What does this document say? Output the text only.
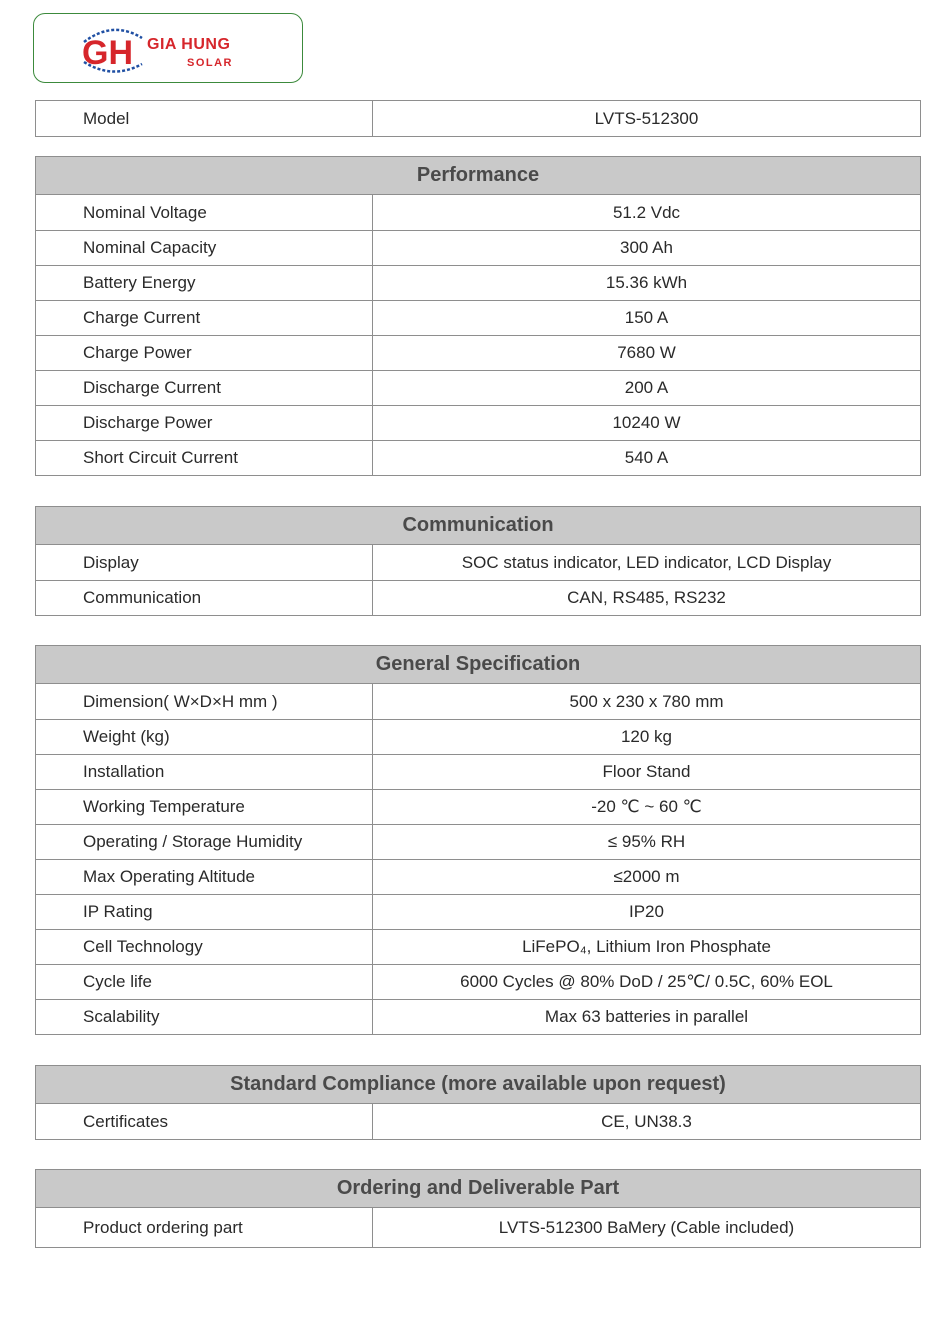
GH GIA HUNG
SOLAR
Model	LVTS-512300
Performance
Nominal Voltage	51.2 Vdc
Nominal Capacity	300 Ah
Battery Energy	15.36 kWh
Charge Current	150 A
Charge Power	7680 W
Discharge Current	200 A
Discharge Power	10240 W
Short Circuit Current	540 A
Communication
Display	SOC status indicator, LED indicator, LCD Display
Communication	CAN, RS485, RS232
General Specification
Dimension( W×D×H mm )	500 x 230 x 780 mm
Weight (kg)	120 kg
Installation	Floor Stand
Working Temperature	-20 ℃ ~ 60 ℃
Operating / Storage Humidity	≤ 95% RH
Max Operating Altitude	≤2000 m
IP Rating	IP20
Cell Technology	LiFePO₄, Lithium Iron Phosphate
Cycle life	6000 Cycles @ 80% DoD / 25℃/ 0.5C, 60% EOL
Scalability	Max 63 batteries in parallel
Standard Compliance (more available upon request)
Certificates	CE, UN38.3
Ordering and Deliverable Part
Product ordering part	LVTS-512300 BaMery (Cable included)
